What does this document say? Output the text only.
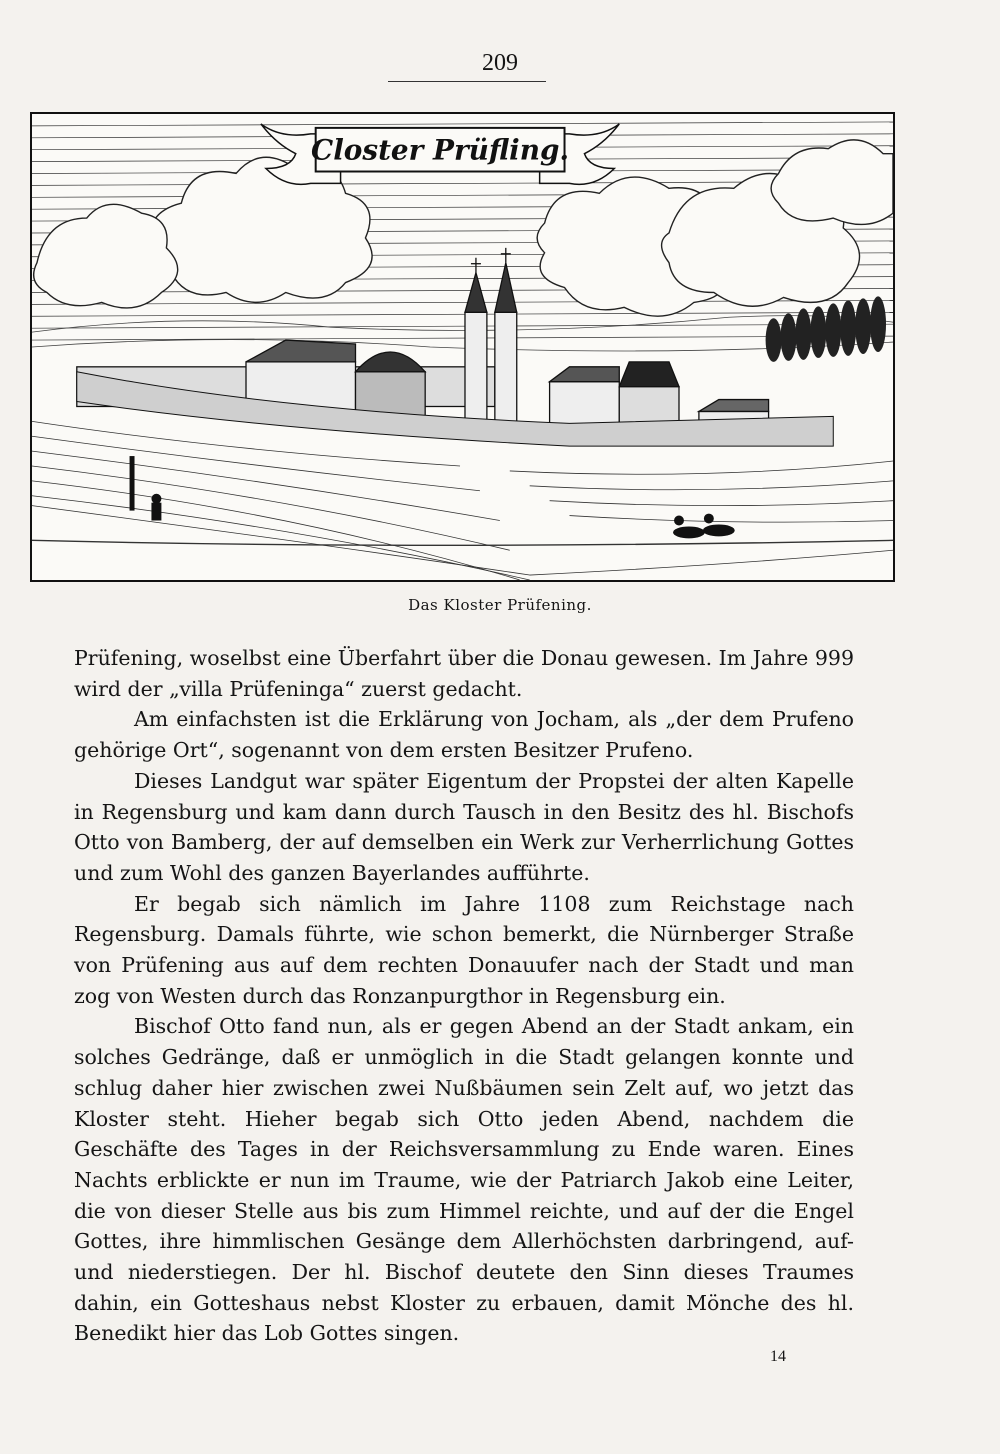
209
Closter Prüfling.
Das Kloster Prüfening.

Prüfening, woselbst eine Überfahrt über die Donau gewesen. Im Jahre 999 wird der „villa Prüfeninga“ zuerst gedacht.

Am einfachsten ist die Erklärung von Jocham, als „der dem Prufeno gehörige Ort“, sogenannt von dem ersten Besitzer Prufeno.

Dieses Landgut war später Eigentum der Propstei der alten Kapelle in Regensburg und kam dann durch Tausch in den Besitz des hl. Bischofs Otto von Bamberg, der auf demselben ein Werk zur Verherrlichung Gottes und zum Wohl des ganzen Bayerlandes aufführte.

Er begab sich nämlich im Jahre 1108 zum Reichstage nach Regensburg. Damals führte, wie schon bemerkt, die Nürnberger Straße von Prüfening aus auf dem rechten Donauufer nach der Stadt und man zog von Westen durch das Ronzanpurgthor in Regensburg ein.

Bischof Otto fand nun, als er gegen Abend an der Stadt ankam, ein solches Gedränge, daß er unmöglich in die Stadt gelangen konnte und schlug daher hier zwischen zwei Nußbäumen sein Zelt auf, wo jetzt das Kloster steht. Hieher begab sich Otto jeden Abend, nachdem die Geschäfte des Tages in der Reichsversammlung zu Ende waren. Eines Nachts erblickte er nun im Traume, wie der Patriarch Jakob eine Leiter, die von dieser Stelle aus bis zum Himmel reichte, und auf der die Engel Gottes, ihre himmlischen Gesänge dem Allerhöchsten darbringend, auf- und niederstiegen. Der hl. Bischof deutete den Sinn dieses Traumes dahin, ein Gotteshaus nebst Kloster zu erbauen, damit Mönche des hl. Benedikt hier das Lob Gottes singen.

14
